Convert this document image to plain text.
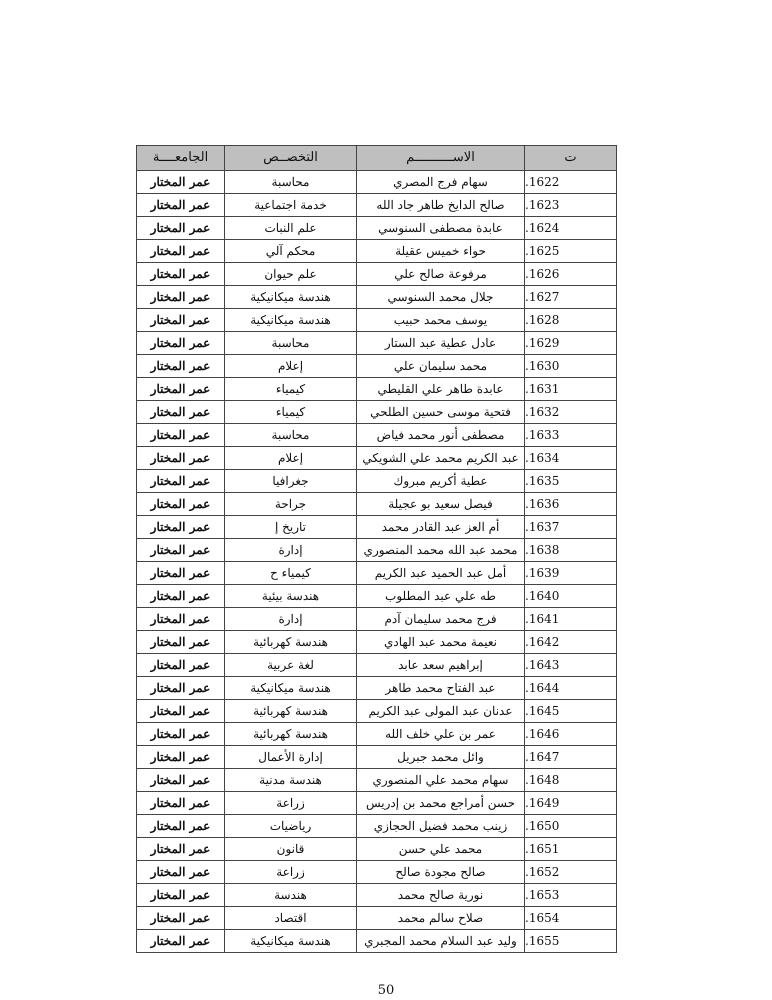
الجامعــــة	التخصــص	الاســــــــــم	ت
عمر المختار	محاسبة	سهام فرج المصري	.1622
عمر المختار	خدمة اجتماعية	صالح الدايخ طاهر جاد الله	.1623
عمر المختار	علم النبات	عابدة مصطفى السنوسي	.1624
عمر المختار	محكم آلي	حواء خميس عقيلة	.1625
عمر المختار	علم حيوان	مرفوعة صالح علي	.1626
عمر المختار	هندسة ميكانيكية	جلال محمد السنوسي	.1627
عمر المختار	هندسة ميكانيكية	يوسف محمد حبيب	.1628
عمر المختار	محاسبة	عادل عطية عبد الستار	.1629
عمر المختار	إعلام	محمد سليمان علي	.1630
عمر المختار	كيمياء	عابدة طاهر علي القليطي	.1631
عمر المختار	كيمياء	فتحية موسى حسين الطلحي	.1632
عمر المختار	محاسبة	مصطفى أنور محمد فياض	.1633
عمر المختار	إعلام	عبد الكريم محمد علي الشويكي	.1634
عمر المختار	جغرافيا	عطية أكريم مبروك	.1635
عمر المختار	جراحة	فيصل سعيد بو عجيلة	.1636
عمر المختار	تاريخ إ	أم العز عبد القادر محمد	.1637
عمر المختار	إدارة	محمد عبد الله محمد المنصوري	.1638
عمر المختار	كيمياء ح	أمل عبد الحميد عبد الكريم	.1639
عمر المختار	هندسة بيئية	طه علي عبد المطلوب	.1640
عمر المختار	إدارة	فرج محمد سليمان آدم	.1641
عمر المختار	هندسة كهربائية	نعيمة محمد عبد الهادي	.1642
عمر المختار	لغة عربية	إبراهيم سعد عابد	.1643
عمر المختار	هندسة ميكانيكية	عبد الفتاح محمد طاهر	.1644
عمر المختار	هندسة كهربائية	عدنان عبد المولى عبد الكريم	.1645
عمر المختار	هندسة كهربائية	عمر بن علي خلف الله	.1646
عمر المختار	إدارة الأعمال	وائل محمد جبريل	.1647
عمر المختار	هندسة مدنية	سهام محمد علي المنصوري	.1648
عمر المختار	زراعة	حسن أمراجع محمد بن إدريس	.1649
عمر المختار	رياضيات	زينب محمد فضيل الحجازي	.1650
عمر المختار	قانون	محمد علي حسن	.1651
عمر المختار	زراعة	صالح مجودة صالح	.1652
عمر المختار	هندسة	نورية صالح محمد	.1653
عمر المختار	اقتصاد	صلاح سالم محمد	.1654
عمر المختار	هندسة ميكانيكية	وليد عبد السلام محمد المجبري	.1655
50
